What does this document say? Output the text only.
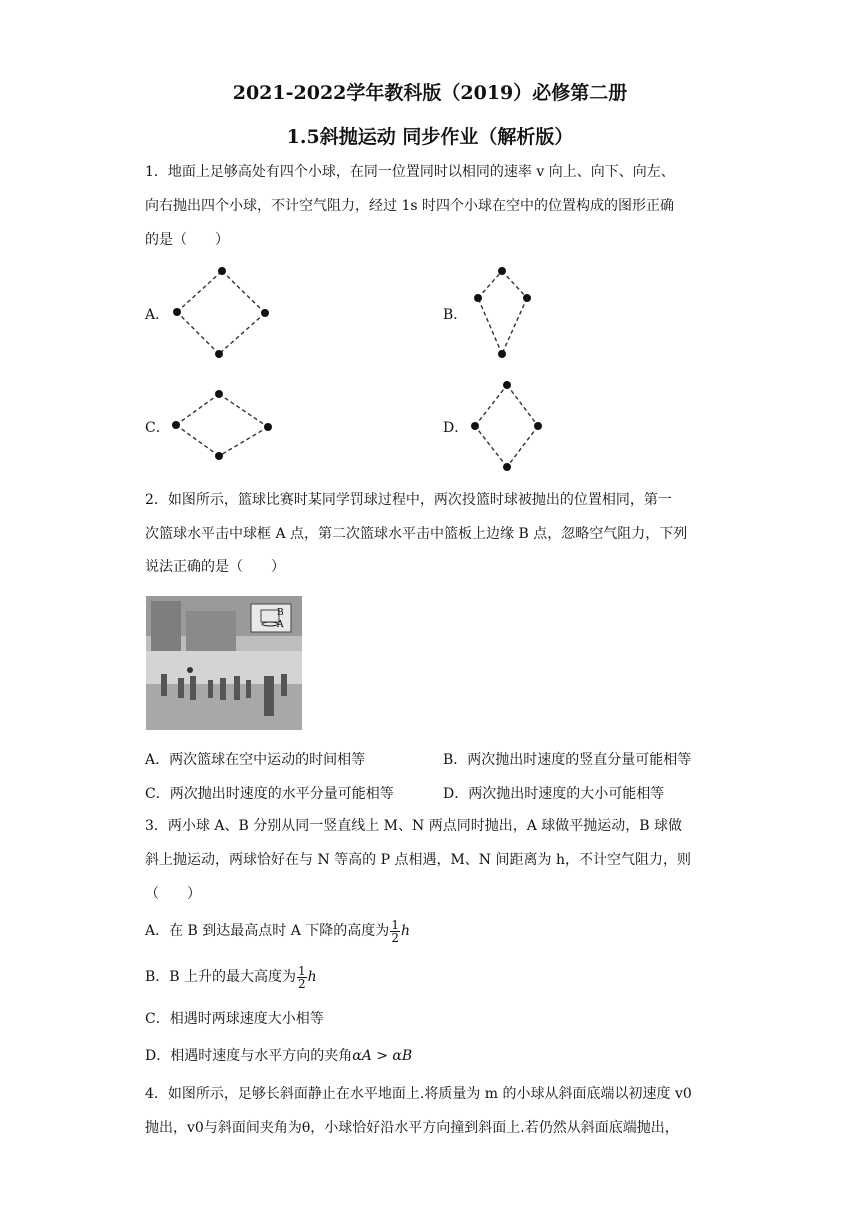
2021-2022学年教科版（2019）必修第二册
1.5斜抛运动 同步作业（解析版）
1．地面上足够高处有四个小球，在同一位置同时以相同的速率 v 向上、向下、向左、
向右抛出四个小球，不计空气阻力，经过 1s 时四个小球在空中的位置构成的图形正确
的是（　　）
A．	B．
C．	D．
2．如图所示，篮球比赛时某同学罚球过程中，两次投篮时球被抛出的位置相同，第一
次篮球水平击中球框 A 点，第二次篮球水平击中篮板上边缘 B 点，忽略空气阻力，下列
说法正确的是（　　）
B
A
A．两次篮球在空中运动的时间相等	B．两次抛出时速度的竖直分量可能相等
C．两次抛出时速度的水平分量可能相等	D．两次抛出时速度的大小可能相等
3．两小球 A、B 分别从同一竖直线上 M、N 两点同时抛出，A 球做平抛运动，B 球做
斜上抛运动，两球恰好在与 N 等高的 P 点相遇，M、N 间距离为 h，不计空气阻力，则
（　　）
A．在 B 到达最高点时 A 下降的高度为 $\frac{1}{2}$ h
B．B 上升的最大高度为 $\frac{1}{2}$ h
C．相遇时两球速度大小相等
D．相遇时速度与水平方向的夹角αA > αB
4．如图所示，足够长斜面静止在水平地面上.将质量为 m 的小球从斜面底端以初速度 v0
抛出，v0与斜面间夹角为θ，小球恰好沿水平方向撞到斜面上.若仍然从斜面底端抛出，
